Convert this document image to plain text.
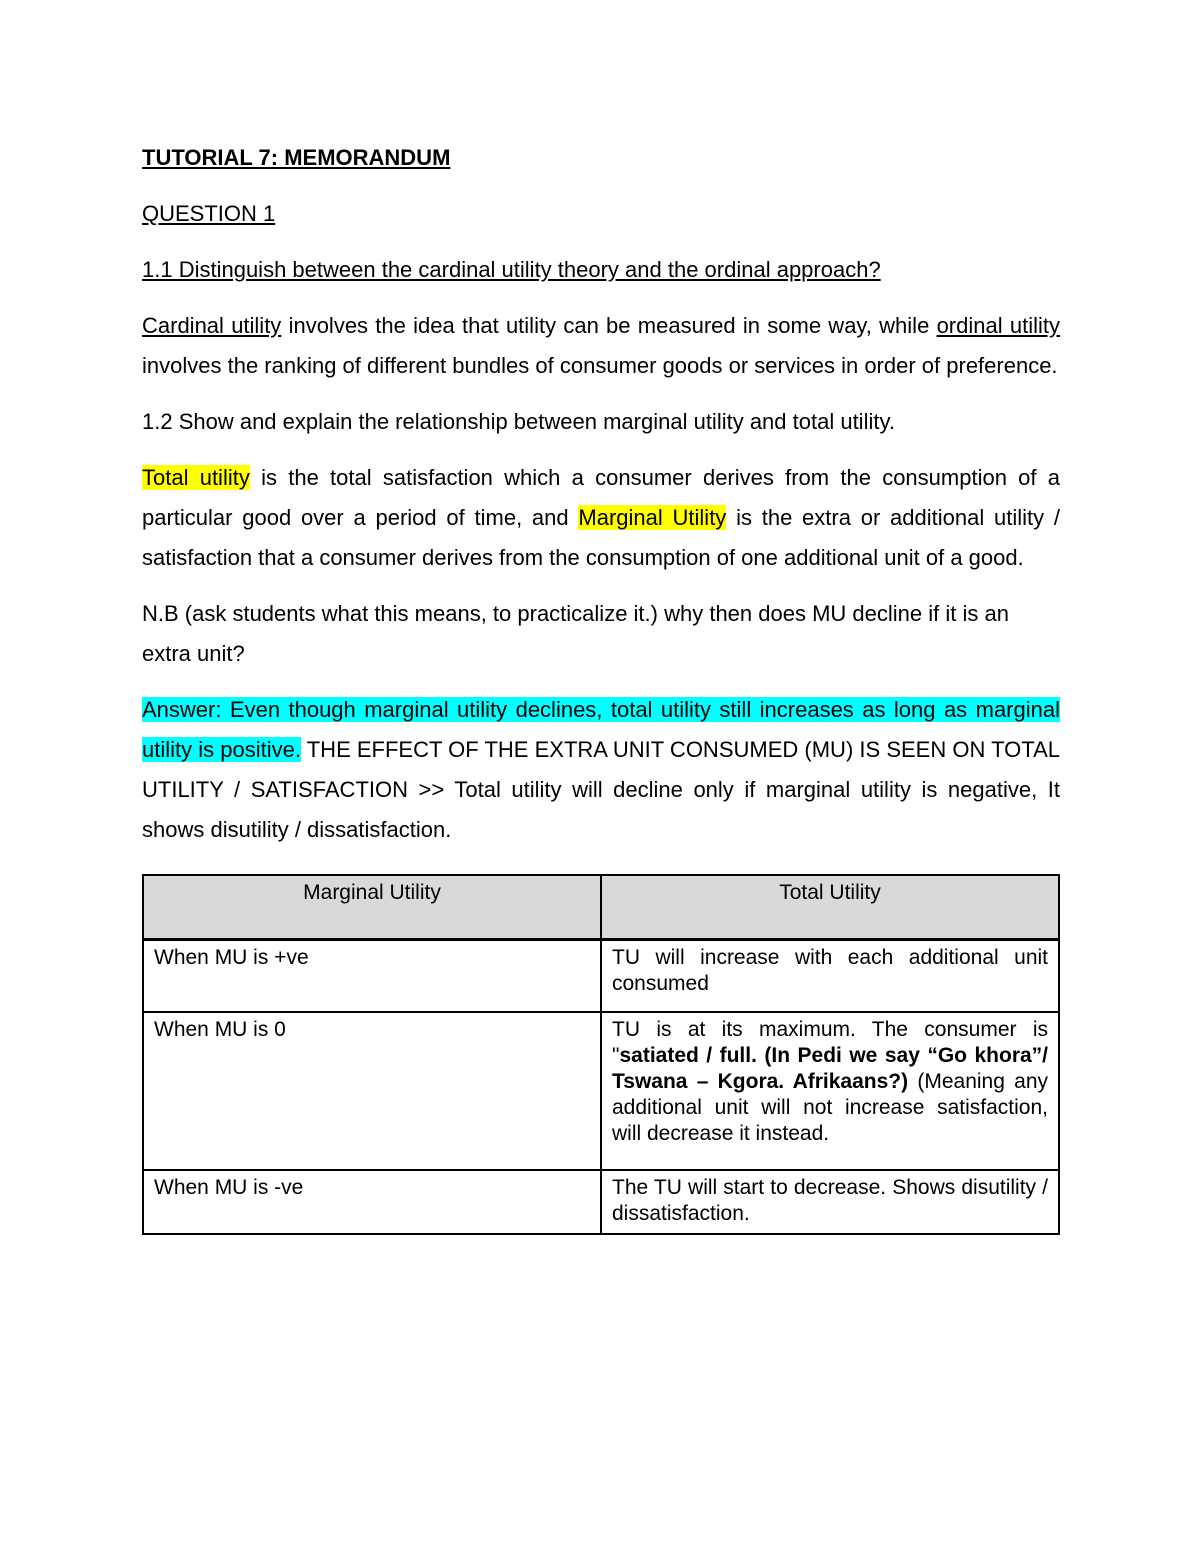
TUTORIAL 7: MEMORANDUM
QUESTION 1
1.1 Distinguish between the cardinal utility theory and the ordinal approach?

Cardinal utility involves the idea that utility can be measured in some way, while ordinal utility involves the ranking of different bundles of consumer goods or services in order of preference.

1.2 Show and explain the relationship between marginal utility and total utility.

Total utility is the total satisfaction which a consumer derives from the consumption of a particular good over a period of time, and Marginal Utility is the extra or additional utility / satisfaction that a consumer derives from the consumption of one additional unit of a good.

N.B (ask students what this means, to practicalize it.) why then does MU decline if it is an extra unit?

Answer: Even though marginal utility declines, total utility still increases as long as marginal utility is positive. THE EFFECT OF THE EXTRA UNIT CONSUMED (MU) IS SEEN ON TOTAL UTILITY / SATISFACTION >> Total utility will decline only if marginal utility is negative, It shows disutility / dissatisfaction.

Marginal Utility	Total Utility
When MU is +ve	TU will increase with each additional unit consumed
When MU is 0	TU is at its maximum. The consumer is "satiated / full. (In Pedi we say “Go khora”/ Tswana – Kgora. Afrikaans?) (Meaning any additional unit will not increase satisfaction, will decrease it instead.
When MU is -ve	The TU will start to decrease. Shows disutility / dissatisfaction.
